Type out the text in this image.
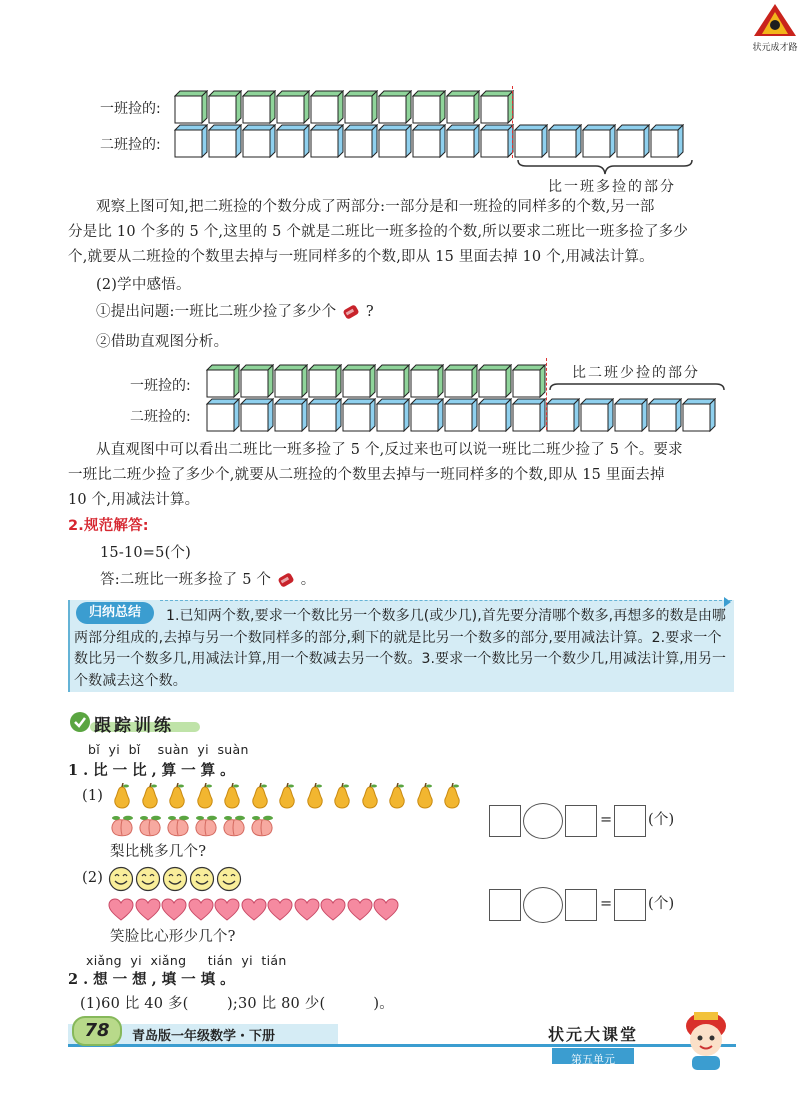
状元成才路
一班捡的:
二班捡的:
比一班多捡的部分
观察上图可知,把二班捡的个数分成了两部分:一部分是和一班捡的同样多的个数,另一部
分是比 10 个多的 5 个,这里的 5 个就是二班比一班多捡的个数,所以要求二班比一班多捡了多少
个,就要从二班捡的个数里去掉与一班同样多的个数,即从 15 里面去掉 10 个,用减法计算。
(2)学中感悟。
①提出问题:一班比二班少捡了多少个 ?
②借助直观图分析。
一班捡的:
二班捡的:
比二班少捡的部分
从直观图中可以看出二班比一班多捡了 5 个,反过来也可以说一班比二班少捡了 5 个。要求
一班比二班少捡了多少个,就要从二班捡的个数里去掉与一班同样多的个数,即从 15 里面去掉
10 个,用减法计算。
2.规范解答:
15-10=5(个)
答:二班比一班多捡了 5 个 。
归纳总结	1.已知两个数,要求一个数比另一个数多几(或少几),首先要分清哪个数多,再想多的数是由哪两部分组成的,去掉与另一个数同样多的部分,剩下的就是比另一个数多的部分,要用减法计算。2.要求一个数比另一个数多几,用减法计算,用一个数减去另一个数。3.要求一个数比另一个数少几,用减法计算,用另一个数减去这个数。
跟踪训练
bǐ  yi  bǐ    suàn  yi  suàn
1.比一比,算一算。
(1)
梨比桃多几个?
= (个)
(2)
笑脸比心形少几个?
= (个)
xiǎng  yi  xiǎng     tián  yi  tián
2.想一想,填一填。
(1)60 比 40 多(        );30 比 80 少(          )。
78	青岛版一年级数学・下册	状元大课堂
第五单元
